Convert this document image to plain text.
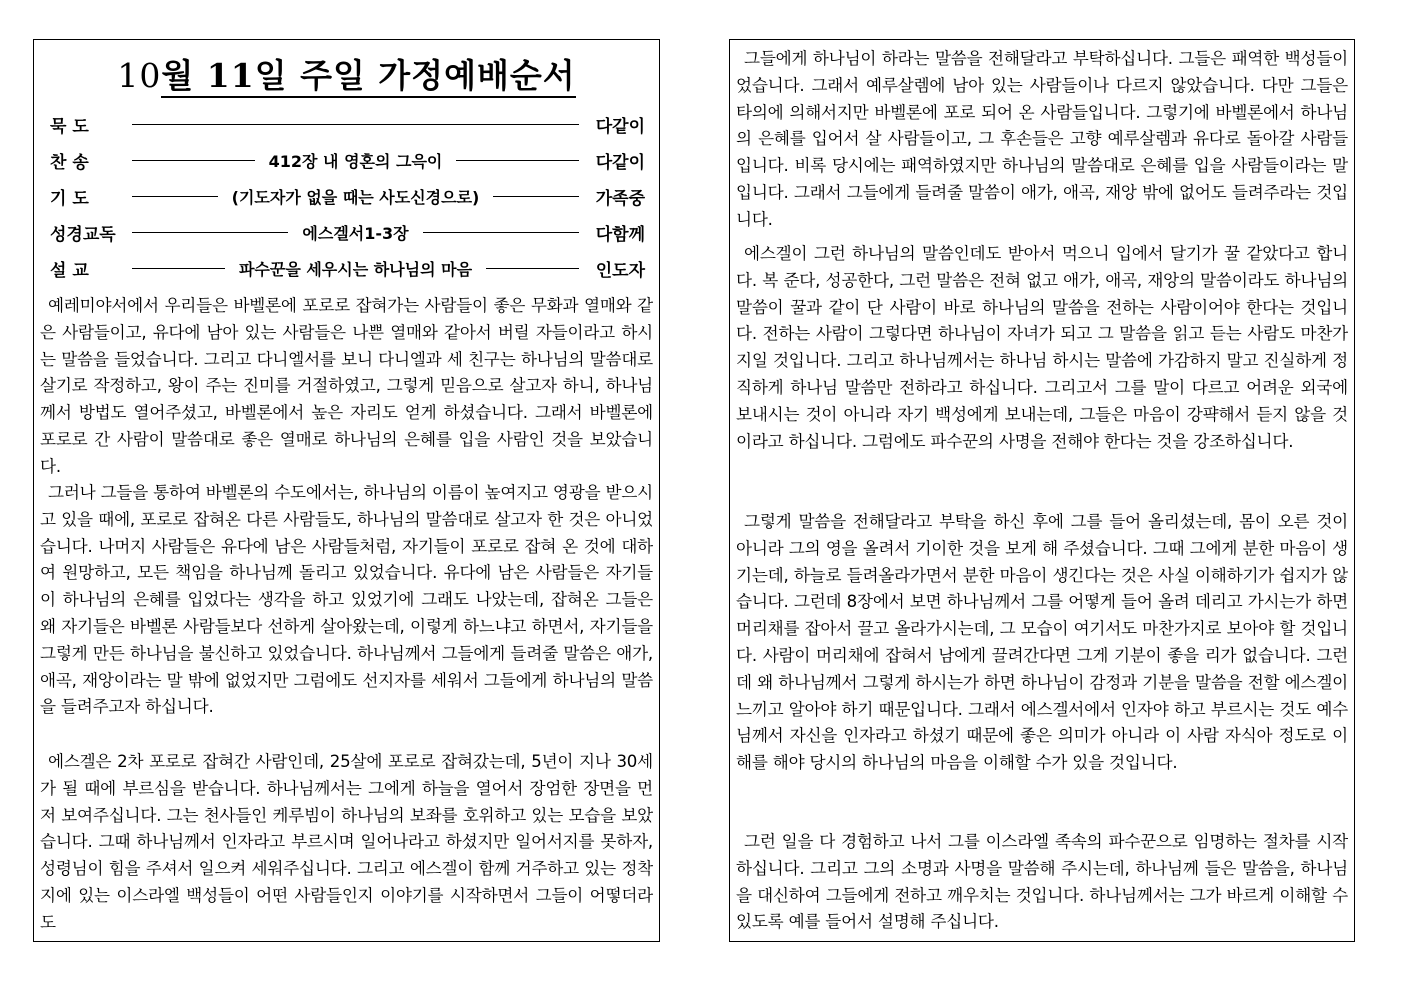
10월 11일 주일 가정예배순서
묵 도	다같이
찬 송	412장 내 영혼의 그윽이	다같이
기 도	(기도자가 없을 때는 사도신경으로)	가족중
성경교독	에스겔서1-3장	다함께
설 교	파수꾼을 세우시는 하나님의 마음	인도자

예레미야서에서 우리들은 바벨론에 포로로 잡혀가는 사람들이 좋은 무화과 열매와 같은 사람들이고, 유다에 남아 있는 사람들은 나쁜 열매와 같아서 버릴 자들이라고 하시는 말씀을 들었습니다. 그리고 다니엘서를 보니 다니엘과 세 친구는 하나님의 말씀대로 살기로 작정하고, 왕이 주는 진미를 거절하였고, 그렇게 믿음으로 살고자 하니, 하나님께서 방법도 열어주셨고, 바벨론에서 높은 자리도 얻게 하셨습니다. 그래서 바벨론에 포로로 간 사람이 말씀대로 좋은 열매로 하나님의 은혜를 입을 사람인 것을 보았습니다.

그러나 그들을 통하여 바벨론의 수도에서는, 하나님의 이름이 높여지고 영광을 받으시고 있을 때에, 포로로 잡혀온 다른 사람들도, 하나님의 말씀대로 살고자 한 것은 아니었습니다. 나머지 사람들은 유다에 남은 사람들처럼, 자기들이 포로로 잡혀 온 것에 대하여 원망하고, 모든 책임을 하나님께 돌리고 있었습니다. 유다에 남은 사람들은 자기들이 하나님의 은혜를 입었다는 생각을 하고 있었기에 그래도 나았는데, 잡혀온 그들은 왜 자기들은 바벨론 사람들보다 선하게 살아왔는데, 이렇게 하느냐고 하면서, 자기들을 그렇게 만든 하나님을 불신하고 있었습니다. 하나님께서 그들에게 들려줄 말씀은 애가, 애곡, 재앙이라는 말 밖에 없었지만 그럼에도 선지자를 세워서 그들에게 하나님의 말씀을 들려주고자 하십니다.

에스겔은 2차 포로로 잡혀간 사람인데, 25살에 포로로 잡혀갔는데, 5년이 지나 30세가 될 때에 부르심을 받습니다. 하나님께서는 그에게 하늘을 열어서 장엄한 장면을 먼저 보여주십니다. 그는 천사들인 케루빔이 하나님의 보좌를 호위하고 있는 모습을 보았습니다. 그때 하나님께서 인자라고 부르시며 일어나라고 하셨지만 일어서지를 못하자, 성령님이 힘을 주셔서 일으켜 세워주십니다. 그리고 에스겔이 함께 거주하고 있는 정착지에 있는 이스라엘 백성들이 어떤 사람들인지 이야기를 시작하면서 그들이 어떻더라도

그들에게 하나님이 하라는 말씀을 전해달라고 부탁하십니다. 그들은 패역한 백성들이었습니다. 그래서 예루살렘에 남아 있는 사람들이나 다르지 않았습니다. 다만 그들은 타의에 의해서지만 바벨론에 포로 되어 온 사람들입니다. 그렇기에 바벨론에서 하나님의 은혜를 입어서 살 사람들이고, 그 후손들은 고향 예루살렘과 유다로 돌아갈 사람들입니다. 비록 당시에는 패역하였지만 하나님의 말씀대로 은혜를 입을 사람들이라는 말입니다. 그래서 그들에게 들려줄 말씀이 애가, 애곡, 재앙 밖에 없어도 들려주라는 것입니다.

에스겔이 그런 하나님의 말씀인데도 받아서 먹으니 입에서 달기가 꿀 같았다고 합니다. 복 준다, 성공한다, 그런 말씀은 전혀 없고 애가, 애곡, 재앙의 말씀이라도 하나님의 말씀이 꿀과 같이 단 사람이 바로 하나님의 말씀을 전하는 사람이어야 한다는 것입니다. 전하는 사람이 그렇다면 하나님이 자녀가 되고 그 말씀을 읽고 듣는 사람도 마찬가지일 것입니다. 그리고 하나님께서는 하나님 하시는 말씀에 가감하지 말고 진실하게 정직하게 하나님 말씀만 전하라고 하십니다. 그리고서 그를 말이 다르고 어려운 외국에 보내시는 것이 아니라 자기 백성에게 보내는데, 그들은 마음이 강퍅해서 듣지 않을 것이라고 하십니다. 그럼에도 파수꾼의 사명을 전해야 한다는 것을 강조하십니다.

그렇게 말씀을 전해달라고 부탁을 하신 후에 그를 들어 올리셨는데, 몸이 오른 것이 아니라 그의 영을 올려서 기이한 것을 보게 해 주셨습니다. 그때 그에게 분한 마음이 생기는데, 하늘로 들려올라가면서 분한 마음이 생긴다는 것은 사실 이해하기가 쉽지가 않습니다. 그런데 8장에서 보면 하나님께서 그를 어떻게 들어 올려 데리고 가시는가 하면 머리채를 잡아서 끌고 올라가시는데, 그 모습이 여기서도 마찬가지로 보아야 할 것입니다. 사람이 머리채에 잡혀서 남에게 끌려간다면 그게 기분이 좋을 리가 없습니다. 그런데 왜 하나님께서 그렇게 하시는가 하면 하나님이 감정과 기분을 말씀을 전할 에스겔이 느끼고 알아야 하기 때문입니다. 그래서 에스겔서에서 인자야 하고 부르시는 것도 예수님께서 자신을 인자라고 하셨기 때문에 좋은 의미가 아니라 이 사람 자식아 정도로 이해를 해야 당시의 하나님의 마음을 이해할 수가 있을 것입니다.

그런 일을 다 경험하고 나서 그를 이스라엘 족속의 파수꾼으로 임명하는 절차를 시작하십니다. 그리고 그의 소명과 사명을 말씀해 주시는데, 하나님께 들은 말씀을, 하나님을 대신하여 그들에게 전하고 깨우치는 것입니다. 하나님께서는 그가 바르게 이해할 수 있도록 예를 들어서 설명해 주십니다.
